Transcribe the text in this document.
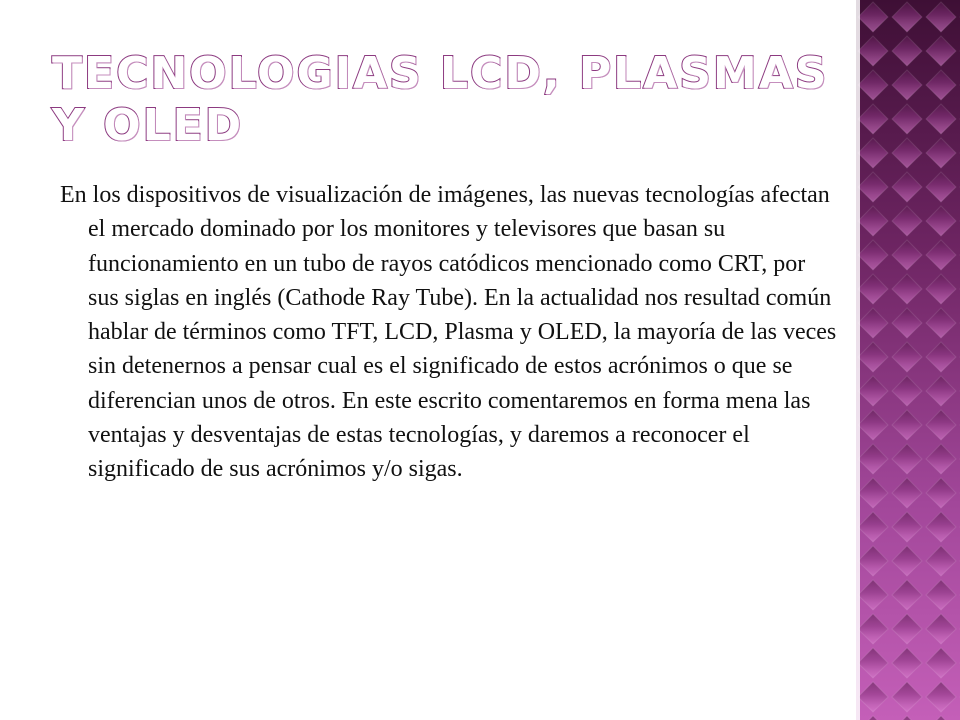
TECNOLOGIAS LCD, PLASMAS Y OLED

En los dispositivos de visualización de imágenes, las nuevas tecnologías afectan el mercado dominado por los monitores y televisores que basan su funcionamiento en un tubo de rayos catódicos mencionado como CRT, por sus siglas en inglés (Cathode Ray Tube). En la actualidad nos resultad común hablar de términos como TFT, LCD, Plasma y OLED, la mayoría de las veces sin detenernos a pensar cual es el significado de estos acrónimos o que se diferencian unos de otros. En este escrito comentaremos en forma mena las ventajas y desventajas de estas tecnologías, y daremos a reconocer el significado de sus acrónimos y/o sigas.
